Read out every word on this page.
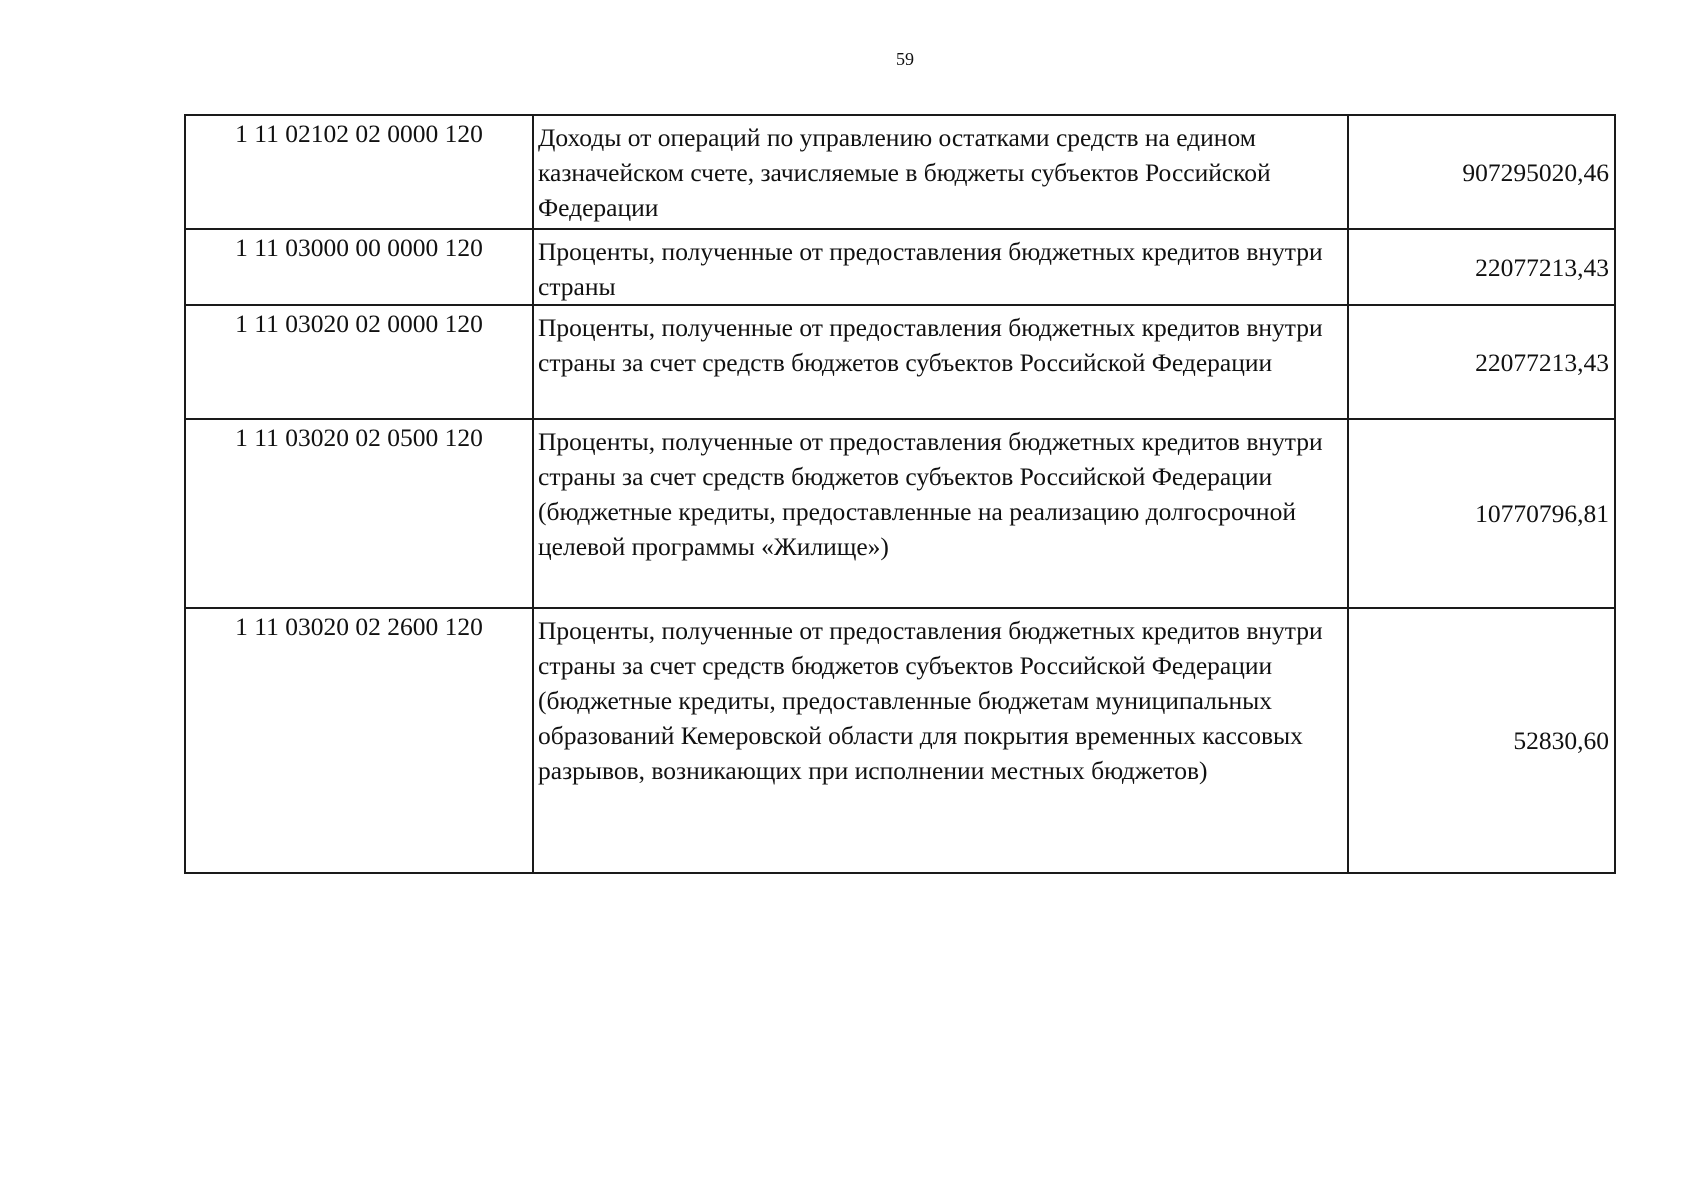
59
1 11 02102 02 0000 120	Доходы от операций по управлению остатками средств на едином казначейском счете, зачисляемые в бюджеты субъектов Российской Федерации	907295020,46
1 11 03000 00 0000 120	Проценты, полученные от предоставления бюджетных кредитов внутри страны	22077213,43
1 11 03020 02 0000 120	Проценты, полученные от предоставления бюджетных кредитов внутри страны за счет средств бюджетов субъектов Российской Федерации	22077213,43
1 11 03020 02 0500 120	Проценты, полученные от предоставления бюджетных кредитов внутри страны за счет средств бюджетов субъектов Российской Федерации (бюджетные кредиты, предоставленные на реализацию долгосрочной целевой программы «Жилище»)	10770796,81
1 11 03020 02 2600 120	Проценты, полученные от предоставления бюджетных кредитов внутри страны за счет средств бюджетов субъектов Российской Федерации (бюджетные кредиты, предоставленные бюджетам муниципальных образований Кемеровской области для покрытия временных кассовых разрывов, возникающих при исполнении местных бюджетов)	52830,60
